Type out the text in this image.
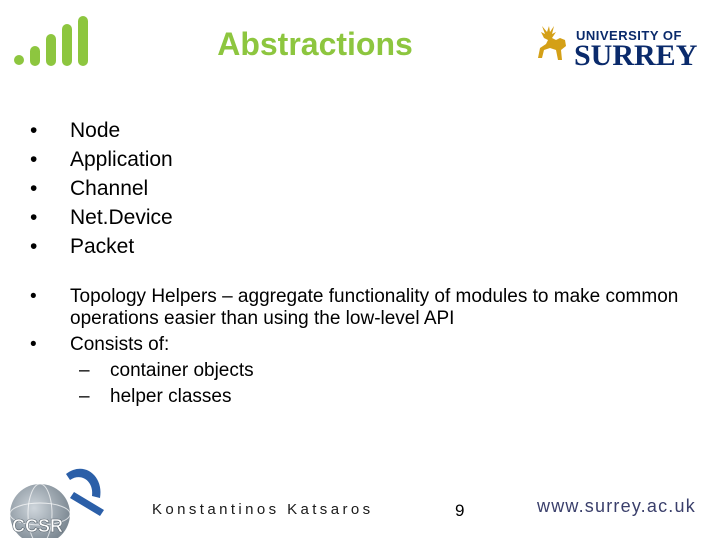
Abstractions	UNIVERSITY OF
SURREY
• Node
• Application
• Channel
• Net.Device
• Packet
• Topology Helpers – aggregate functionality of modules to make common operations easier than using the low-level API
• Consists of:
– container objects
– helper classes
CCSR
Konstantinos Katsaros	9	www.surrey.ac.uk
